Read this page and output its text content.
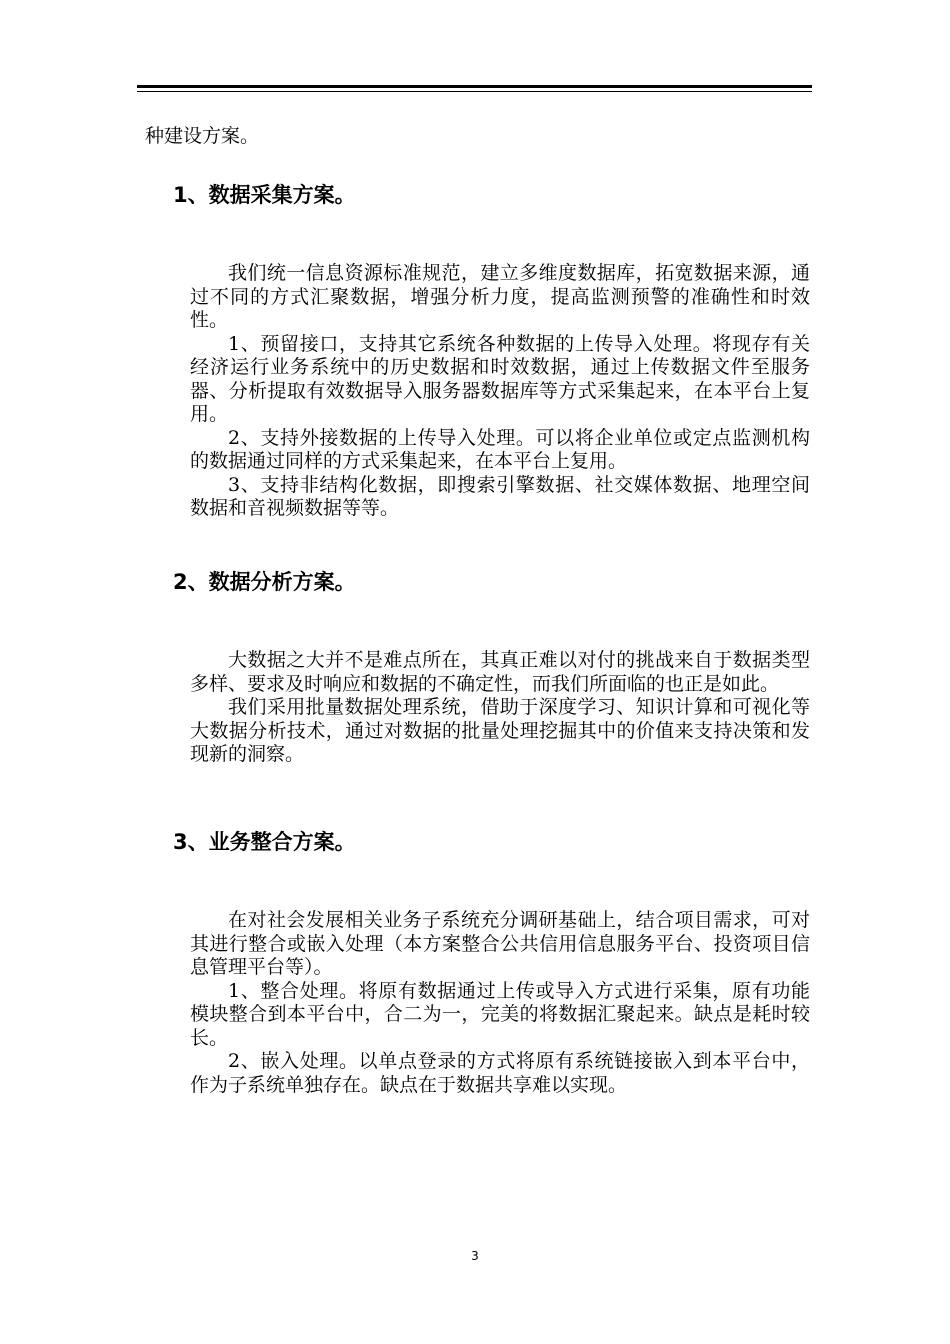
种建设方案。
1、数据采集方案。

我们统一信息资源标准规范，建立多维度数据库，拓宽数据来源，通过不同的方式汇聚数据，增强分析力度，提高监测预警的准确性和时效性。

1、预留接口，支持其它系统各种数据的上传导入处理。将现存有关经济运行业务系统中的历史数据和时效数据，通过上传数据文件至服务器、分析提取有效数据导入服务器数据库等方式采集起来，在本平台上复用。

2、支持外接数据的上传导入处理。可以将企业单位或定点监测机构的数据通过同样的方式采集起来，在本平台上复用。

3、支持非结构化数据，即搜索引擎数据、社交媒体数据、地理空间数据和音视频数据等等。

2、数据分析方案。

大数据之大并不是难点所在，其真正难以对付的挑战来自于数据类型多样、要求及时响应和数据的不确定性，而我们所面临的也正是如此。

我们采用批量数据处理系统，借助于深度学习、知识计算和可视化等大数据分析技术，通过对数据的批量处理挖掘其中的价值来支持决策和发现新的洞察。

3、业务整合方案。

在对社会发展相关业务子系统充分调研基础上，结合项目需求，可对其进行整合或嵌入处理（本方案整合公共信用信息服务平台、投资项目信息管理平台等）。

1、整合处理。将原有数据通过上传或导入方式进行采集，原有功能模块整合到本平台中，合二为一，完美的将数据汇聚起来。缺点是耗时较长。

2、嵌入处理。以单点登录的方式将原有系统链接嵌入到本平台中，作为子系统单独存在。缺点在于数据共享难以实现。

3
